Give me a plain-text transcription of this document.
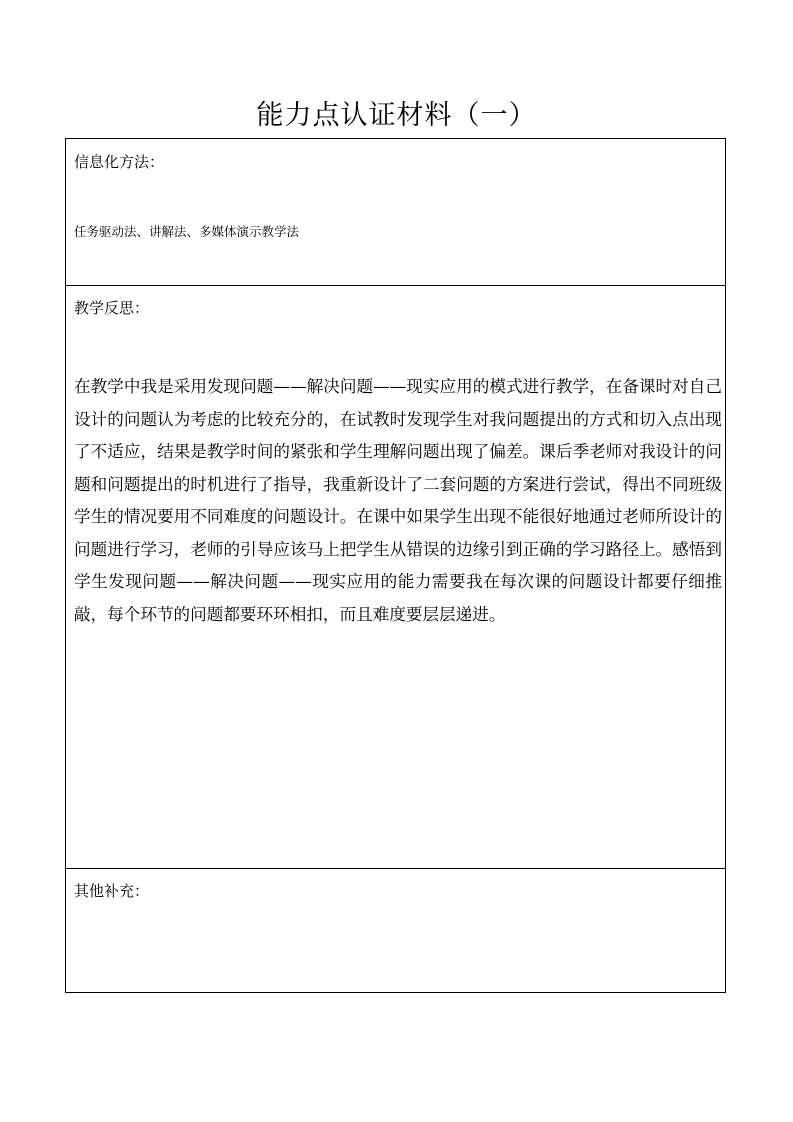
能力点认证材料（一）
信息化方法：
任务驱动法、讲解法、多媒体演示教学法
教学反思：

在教学中我是采用发现问题——解决问题——现实应用的模式进行教学，在备课时对自己设计的问题认为考虑的比较充分的，在试教时发现学生对我问题提出的方式和切入点出现了不适应，结果是教学时间的紧张和学生理解问题出现了偏差。课后季老师对我设计的问题和问题提出的时机进行了指导，我重新设计了二套问题的方案进行尝试，得出不同班级学生的情况要用不同难度的问题设计。在课中如果学生出现不能很好地通过老师所设计的问题进行学习，老师的引导应该马上把学生从错误的边缘引到正确的学习路径上。感悟到学生发现问题——解决问题——现实应用的能力需要我在每次课的问题设计都要仔细推敲，每个环节的问题都要环环相扣，而且难度要层层递进。

其他补充：
